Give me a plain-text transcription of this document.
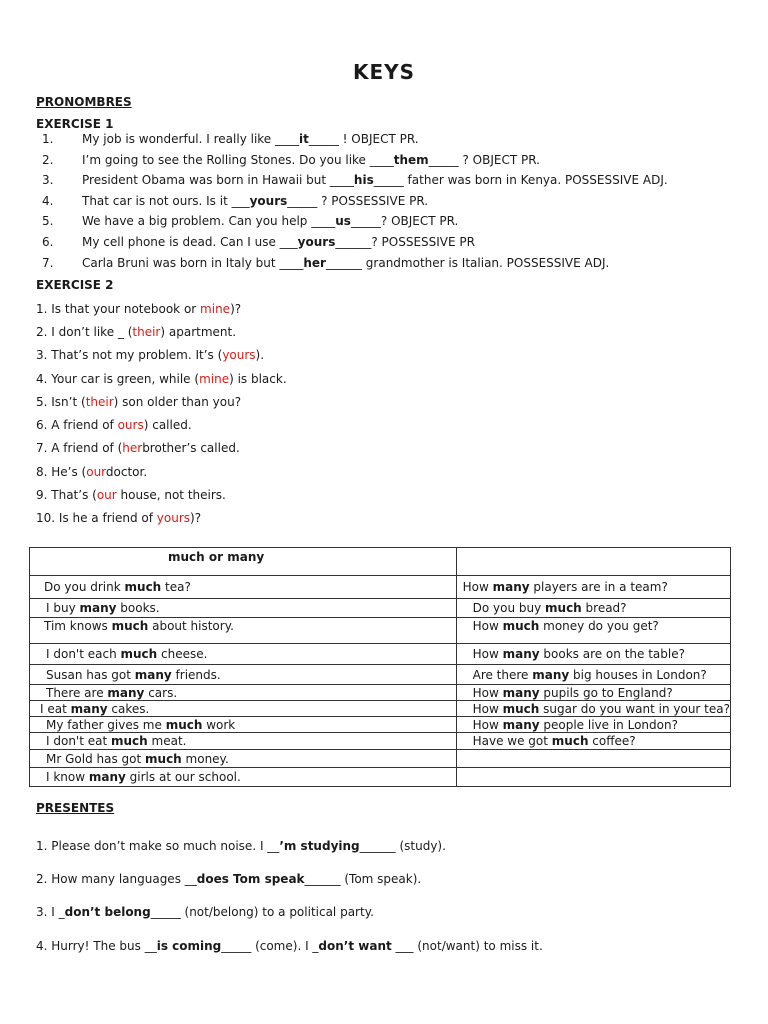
KEYS
PRONOMBRES
EXERCISE 1
1. My job is wonderful. I really like ____it_____ ! OBJECT PR.
2. I’m going to see the Rolling Stones. Do you like ____them_____ ? OBJECT PR.
3. President Obama was born in Hawaii but ____his_____ father was born in Kenya. POSSESSIVE ADJ.
4. That car is not ours. Is it ___yours_____ ? POSSESSIVE PR.
5. We have a big problem. Can you help ____us_____? OBJECT PR.
6. My cell phone is dead. Can I use ___yours______? POSSESSIVE PR
7. Carla Bruni was born in Italy but ____her______ grandmother is Italian. POSSESSIVE ADJ.
EXERCISE 2
1. Is that your notebook or mine)?
2. I don’t like _ (their) apartment.
3. That’s not my problem. It’s (yours).
4. Your car is green, while (mine) is black.
5. Isn’t (their) son older than you?
6. A friend of ours) called.
7. A friend of (herbrother’s called.
8. He’s (ourdoctor.
9. That’s (our house, not theirs.
10. Is he a friend of yours)?
much or many	
Do you drink much tea?	How many players are in a team?
I buy many books.	Do you buy much bread?
Tim knows much about history.	How much money do you get?
I don't each much cheese.	How many books are on the table?
Susan has got many friends.	Are there many big houses in London?
There are many cars.	How many pupils go to England?
I eat many cakes.	How much sugar do you want in your tea?
My father gives me much work	How many people live in London?
I don't eat much meat.	Have we got much coffee?
Mr Gold has got much money.	
I know many girls at our school.	
PRESENTES
1. Please don’t make so much noise. I __’m studying______ (study).
2. How many languages __does Tom speak______ (Tom speak).
3. I _don’t belong_____ (not/belong) to a political party.
4. Hurry! The bus __is coming_____ (come). I _don’t want ___ (not/want) to miss it.
